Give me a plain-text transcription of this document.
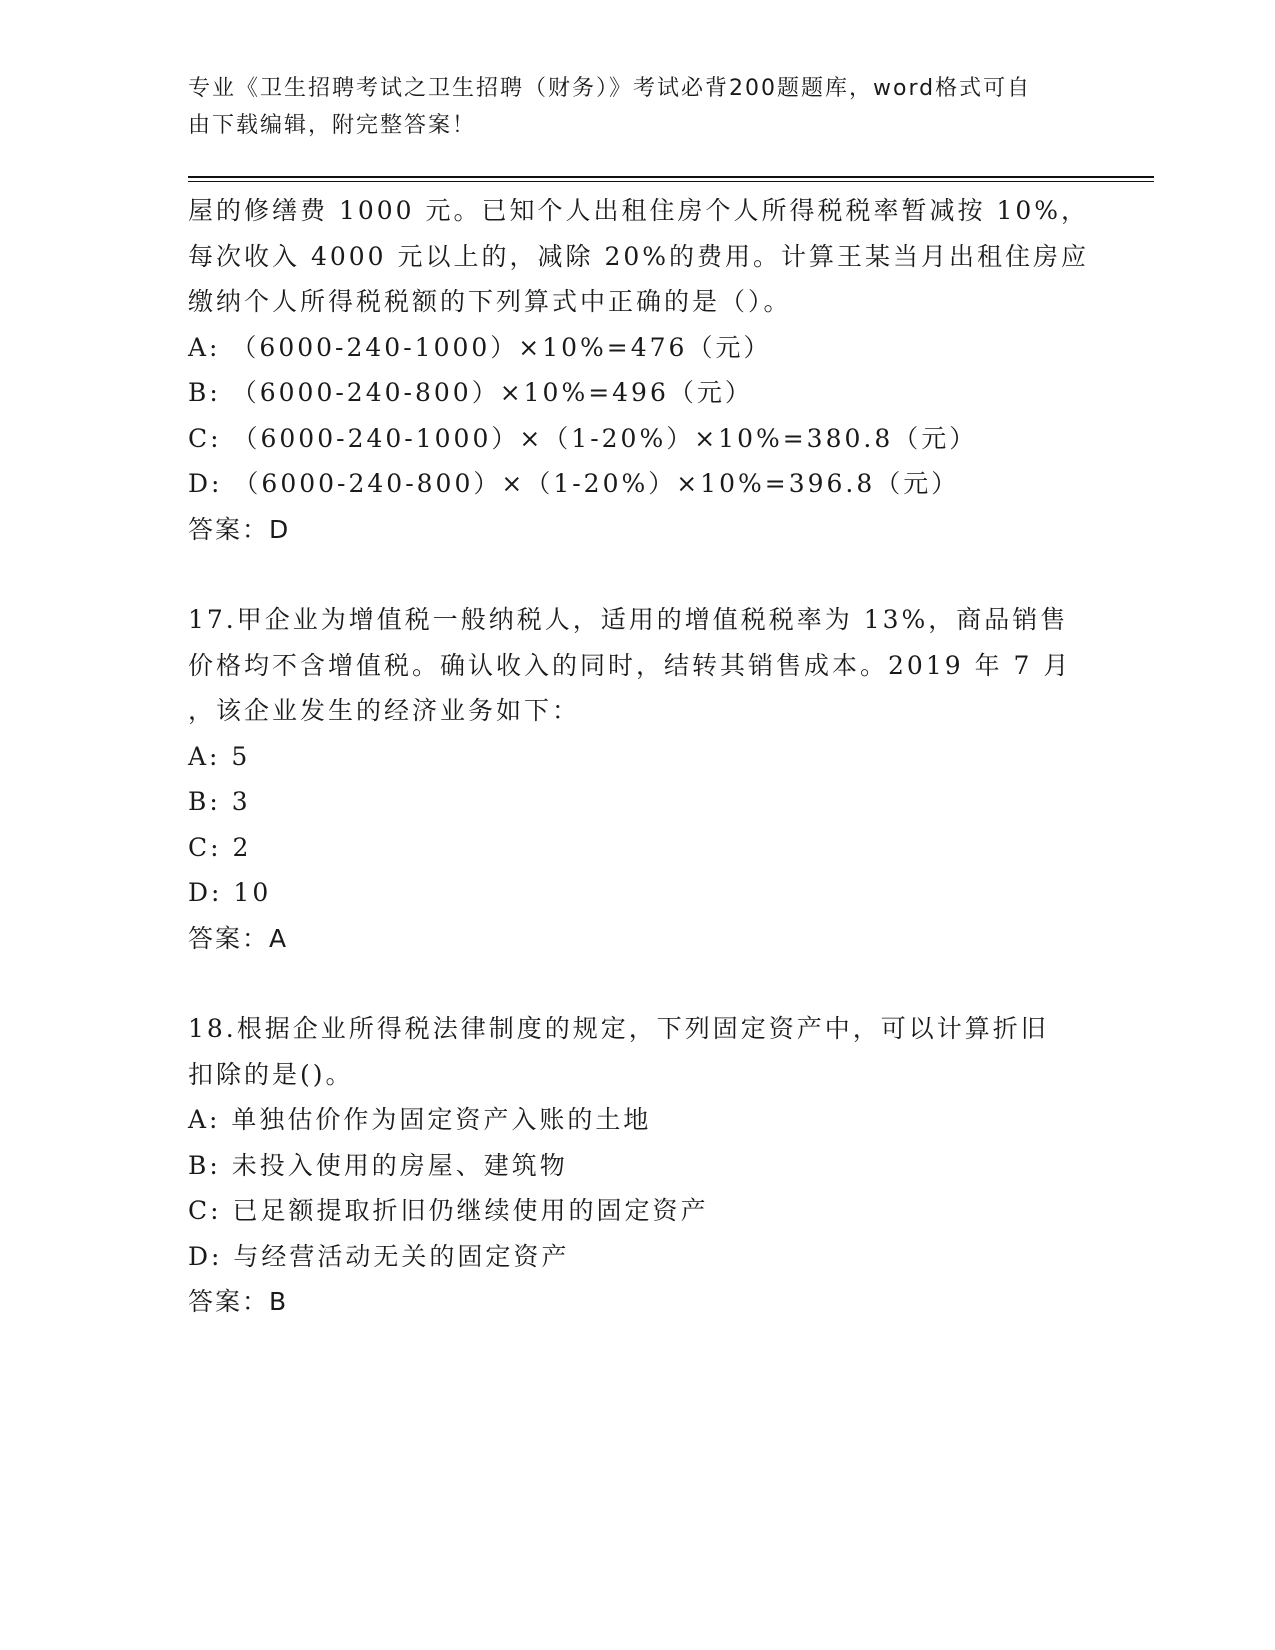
专业《卫生招聘考试之卫生招聘（财务）》考试必背200题题库，word格式可自
由下载编辑，附完整答案！
屋的修缮费 1000 元。已知个人出租住房个人所得税税率暂减按 10%，
每次收入 4000 元以上的，减除 20%的费用。计算王某当月出租住房应
缴纳个人所得税税额的下列算式中正确的是（）。
A: （6000-240-1000）×10%=476（元）
B: （6000-240-800）×10%=496（元）
C: （6000-240-1000）×（1-20%）×10%=380.8（元）
D: （6000-240-800）×（1-20%）×10%=396.8（元）
答案：D
17.甲企业为增值税一般纳税人，适用的增值税税率为 13%，商品销售
价格均不含增值税。确认收入的同时，结转其销售成本。2019 年 7 月
，该企业发生的经济业务如下：
A: 5
B: 3
C: 2
D: 10
答案：A
18.根据企业所得税法律制度的规定，下列固定资产中，可以计算折旧
扣除的是()。
A: 单独估价作为固定资产入账的土地
B: 未投入使用的房屋、建筑物
C: 已足额提取折旧仍继续使用的固定资产
D: 与经营活动无关的固定资产
答案：B
